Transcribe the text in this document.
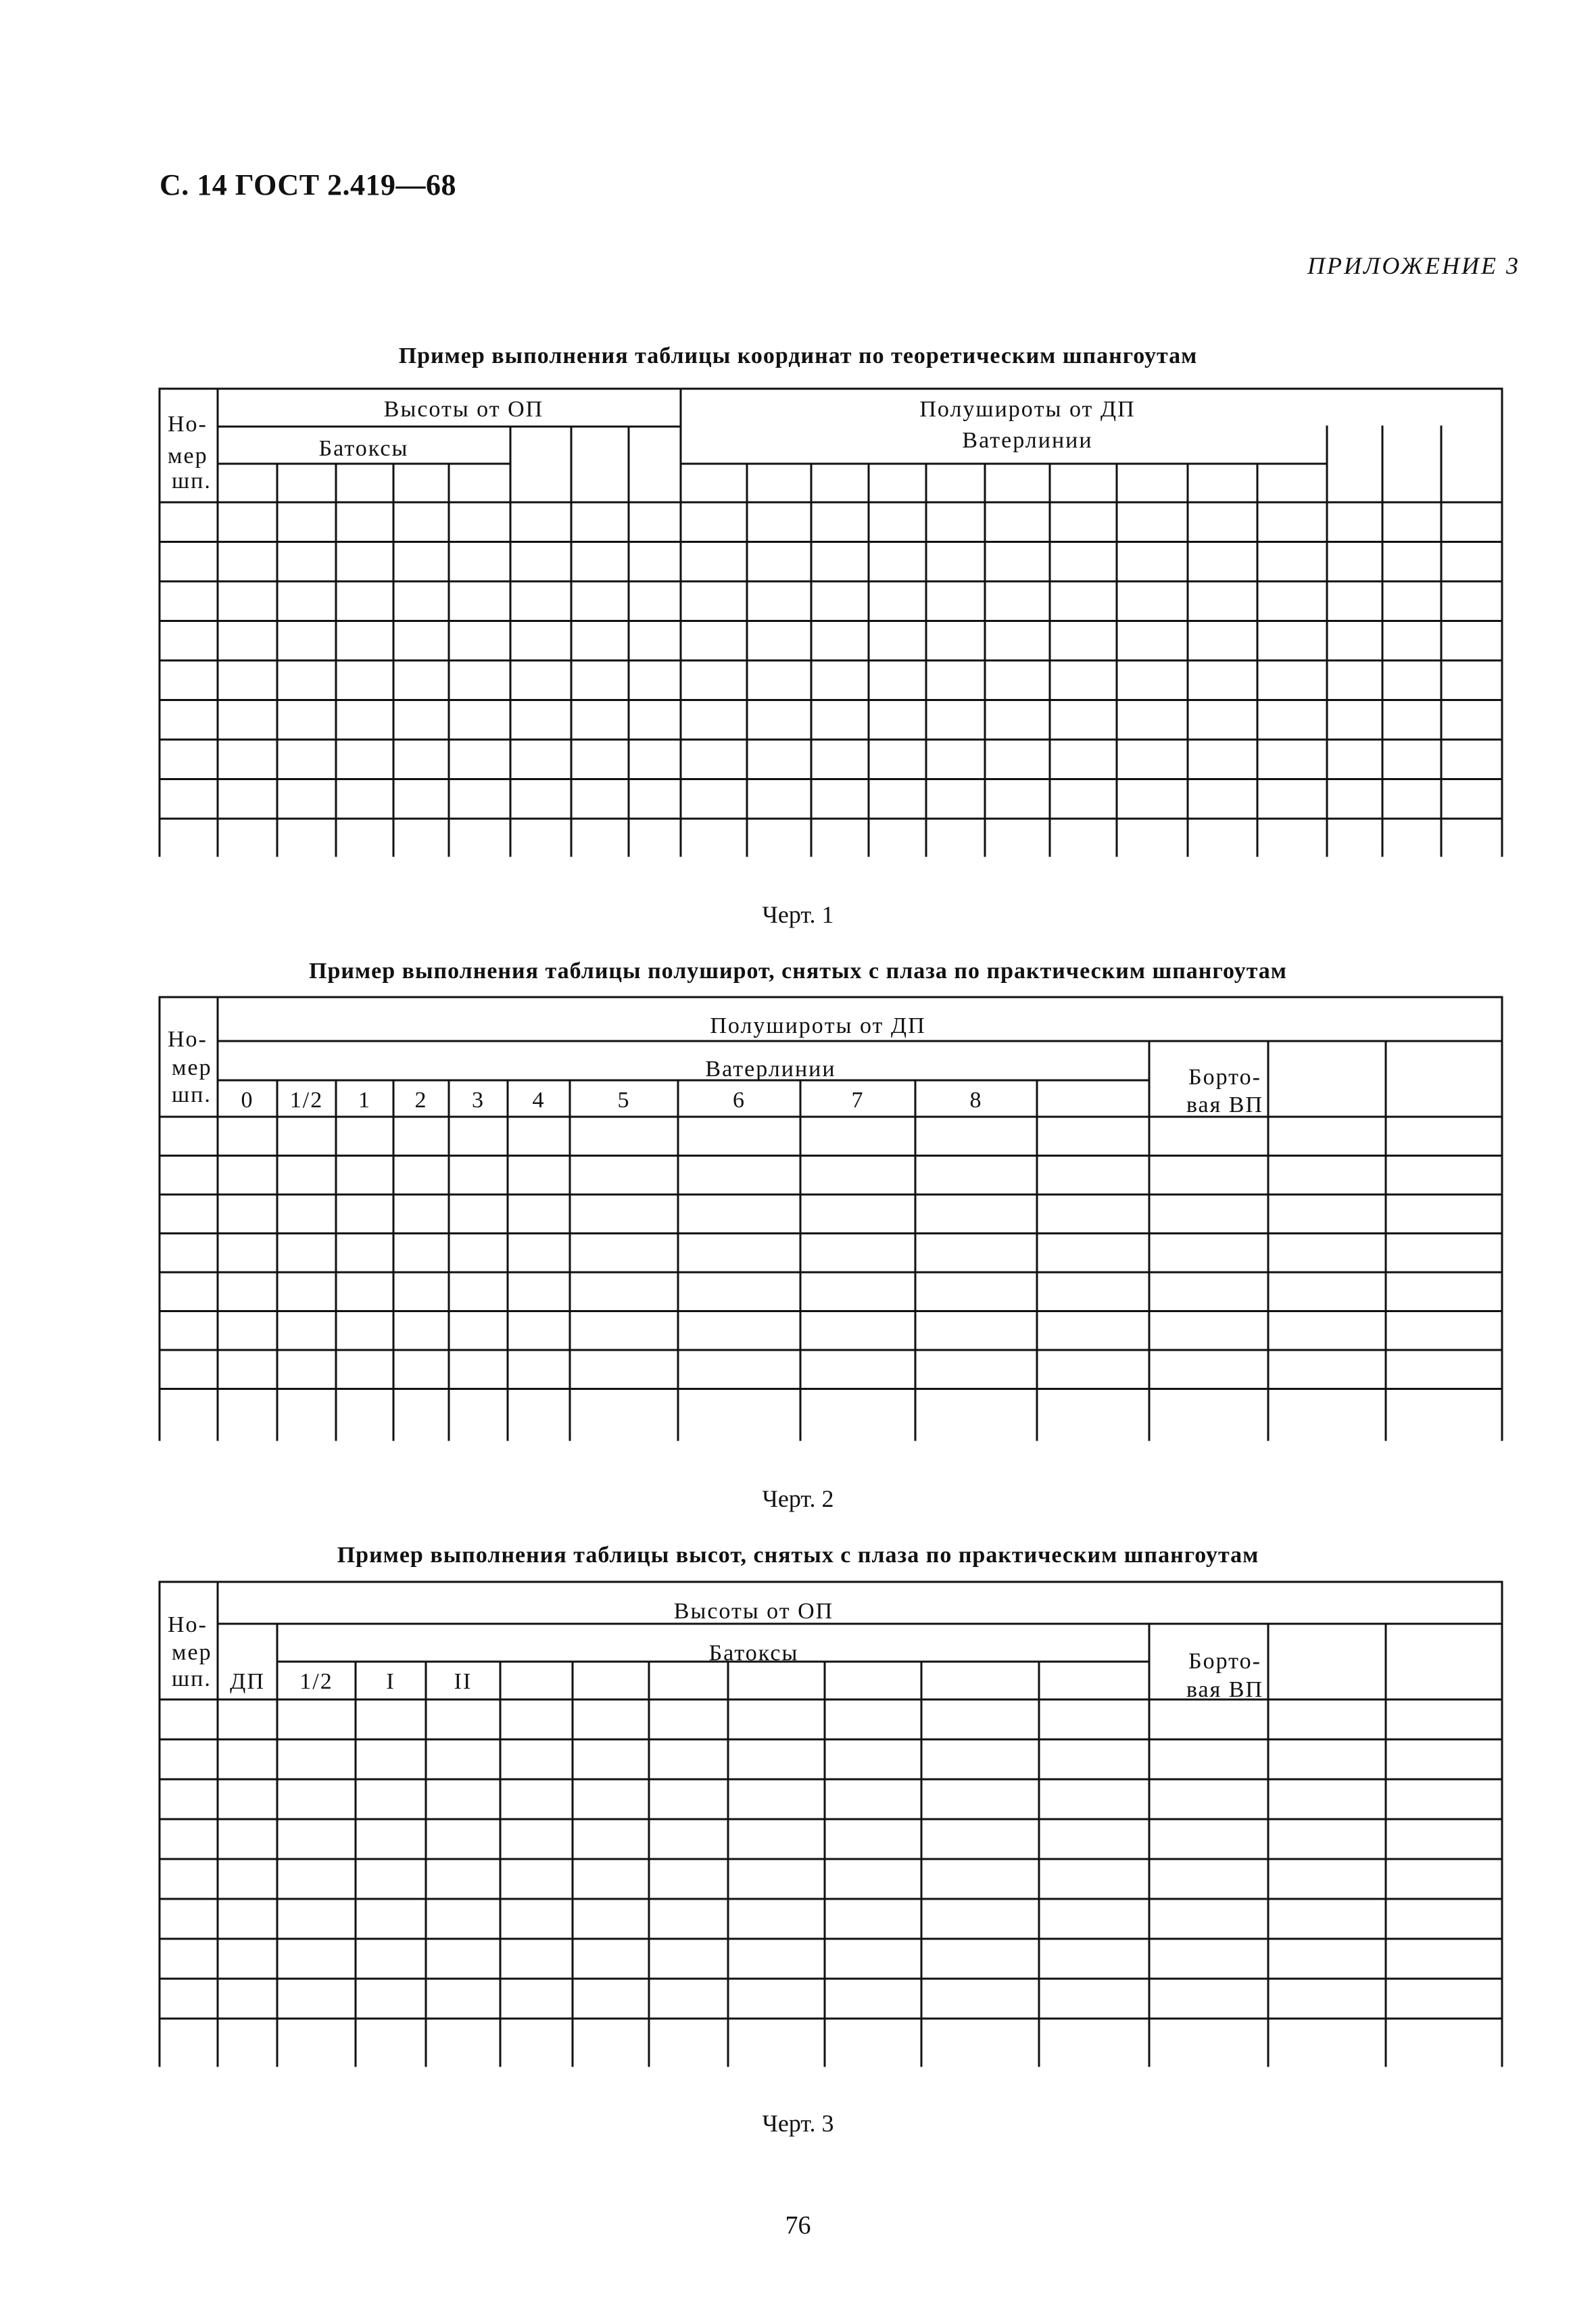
С. 14 ГОСТ 2.419—68
ПРИЛОЖЕНИЕ 3
Пример выполнения таблицы координат по теоретическим шпангоутам
Но-
мер
шп.
Высоты от ОП
Батоксы
Полуширoты от ДП
Ватерлинии
Черт. 1
Пример выполнения таблицы полуширот, снятых с плаза по практическим шпангоутам
Но-
мер
шп.
Полуширoты от ДП
Ватерлинии	Борто-
вая ВП
0 1/2 1 2 3 4	5	6	7	8
Черт. 2
Пример выполнения таблицы высот, снятых с плаза по практическим шпангоутам
Но-
мер
шп.
Высоты от ОП
Батоксы	Борто-
вая ВП
ДП 1/2 I	II
Черт. 3
76
